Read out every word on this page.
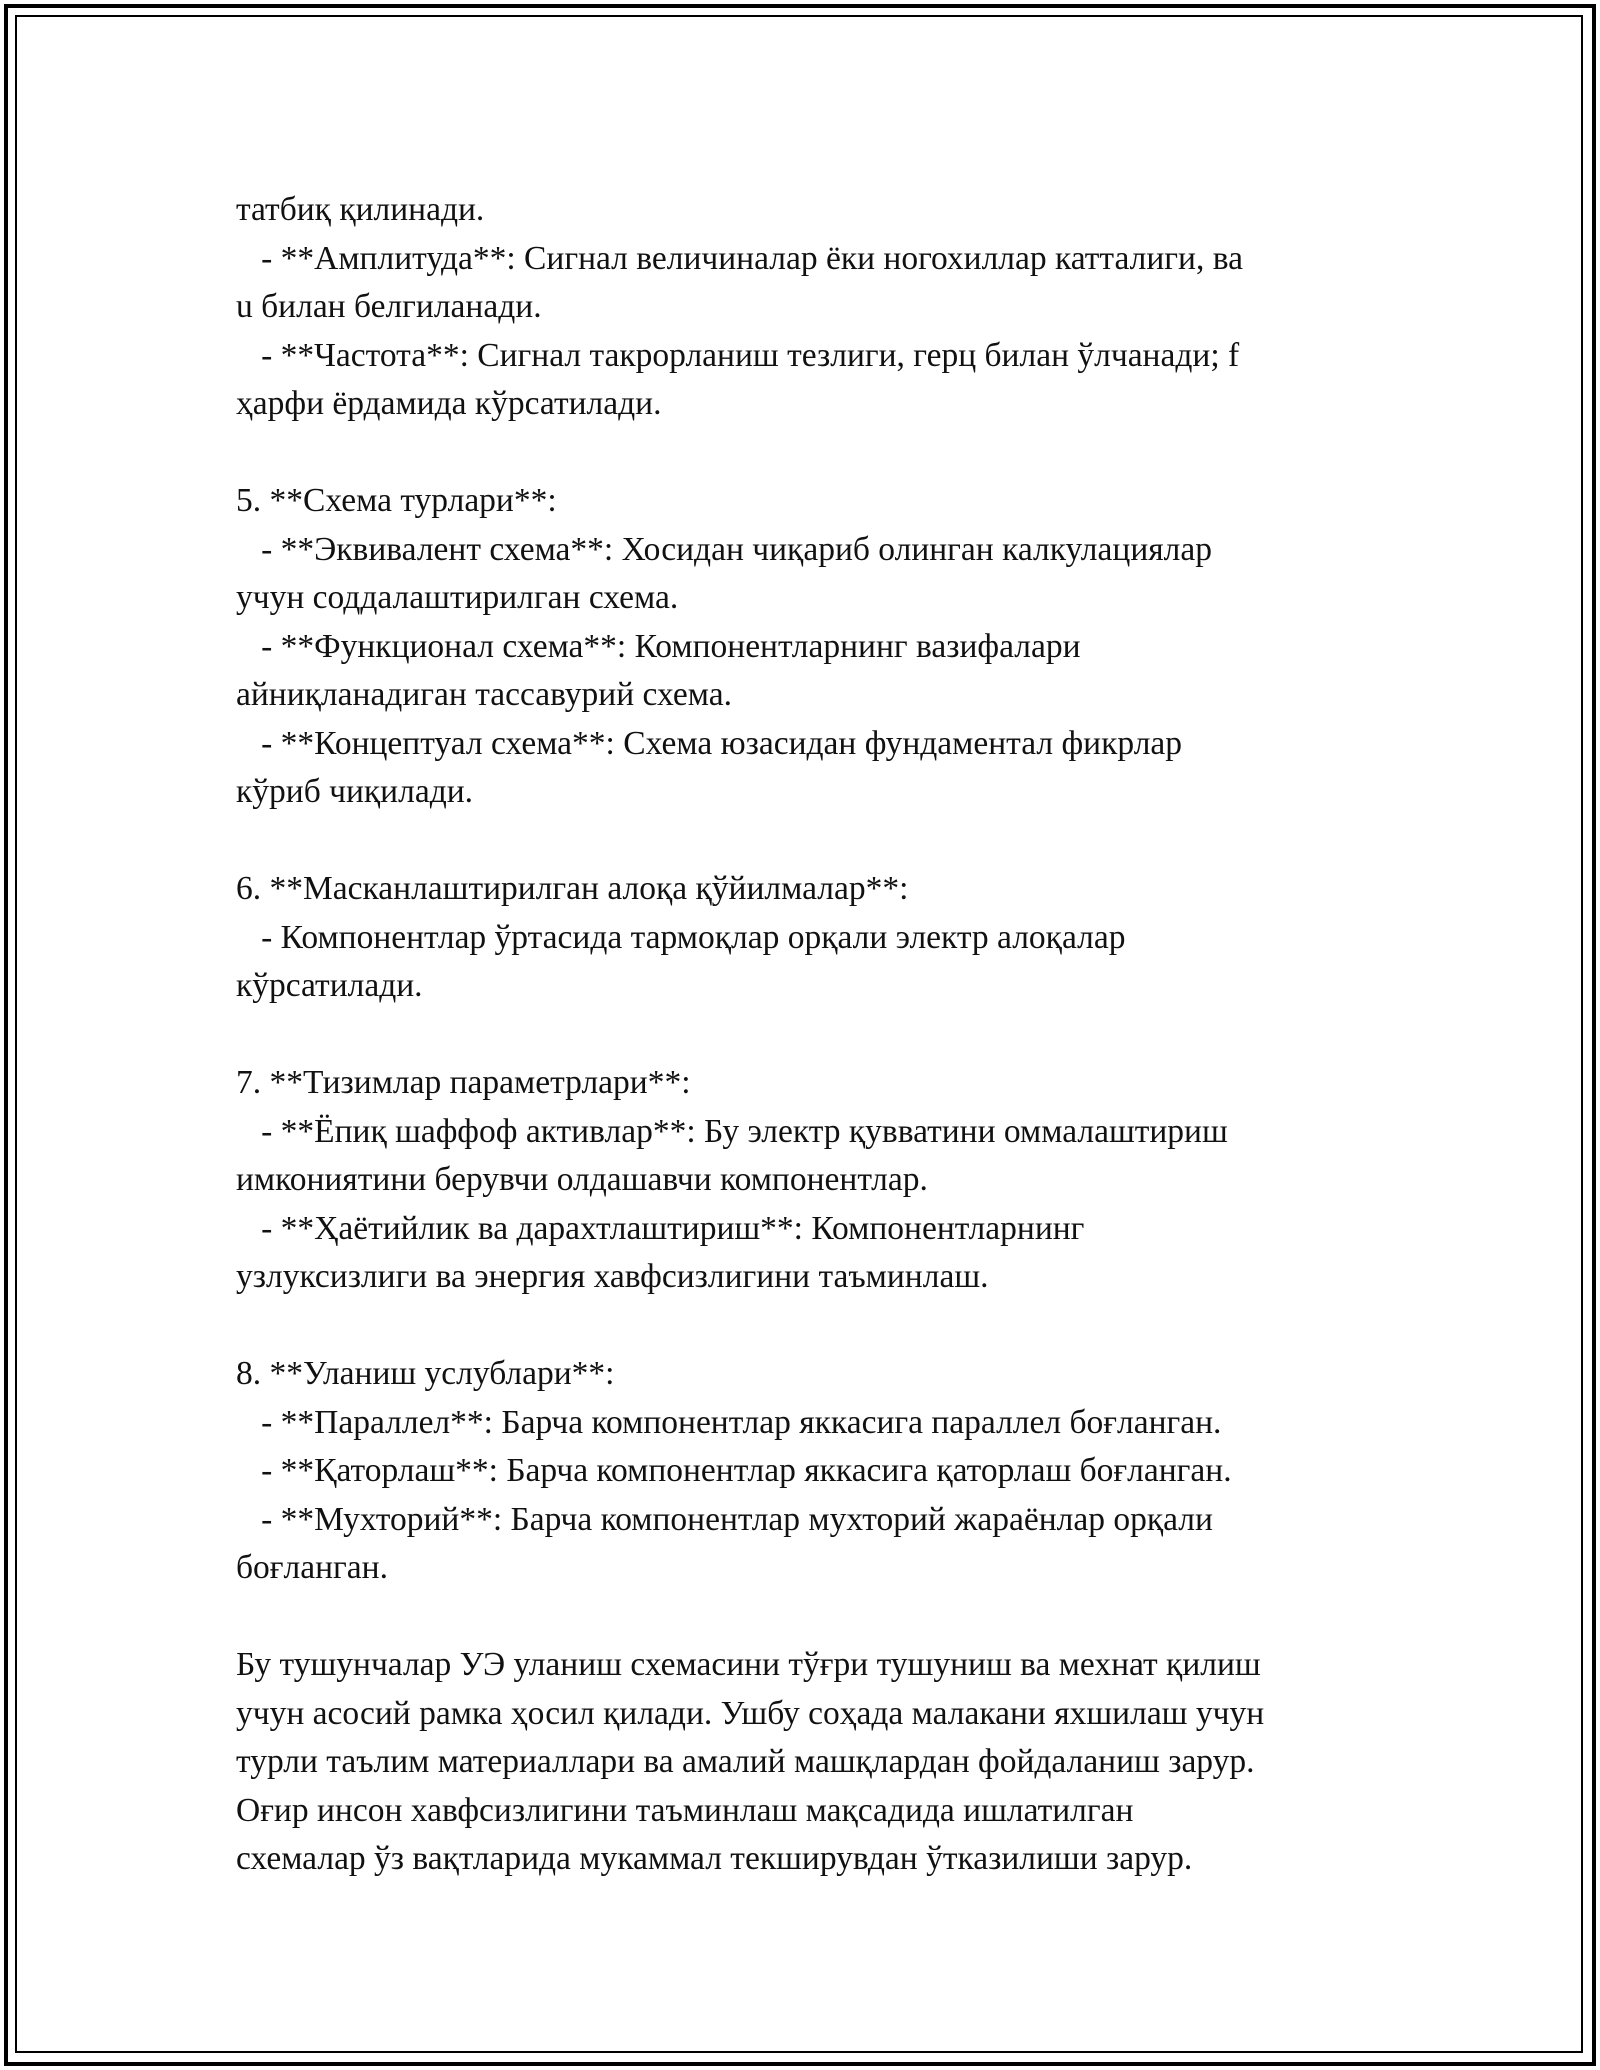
татбиқ қилинади.
- **Амплитуда**: Сигнал величиналар ёки ногохиллар катталиги, ва
u билан белгиланади.
- **Частота**: Сигнал такрорланиш тезлиги, герц билан ўлчанади; f
ҳарфи ёрдамида кўрсатилади.
5. **Схема турлари**:
- **Эквивалент схема**: Хосидан чиқариб олинган калкулациялар
учун соддалаштирилган схема.
- **Функционал схема**: Компонентларнинг вазифалари
айниқланадиган тассавурий схема.
- **Концептуал схема**: Схема юзасидан фундаментал фикрлар
кўриб чиқилади.
6. **Масканлаштирилган алоқа қўйилмалар**:
- Компонентлар ўртасида тармоқлар орқали электр алоқалар
кўрсатилади.
7. **Тизимлар параметрлари**:
- **Ёпиқ шаффоф активлар**: Бу электр қувватини оммалаштириш
имкониятини берувчи олдашавчи компонентлар.
- **Ҳаётийлик ва дарахтлаштириш**: Компонентларнинг
узлуксизлиги ва энергия хавфсизлигини таъминлаш.
8. **Уланиш услублари**:
- **Параллел**: Барча компонентлар яккасига параллел боғланган.
- **Қаторлаш**: Барча компонентлар яккасига қаторлаш боғланган.
- **Мухторий**: Барча компонентлар мухторий жараёнлар орқали
боғланган.
Бу тушунчалар УЭ уланиш схемасини тўғри тушуниш ва мехнат қилиш
учун асосий рамка ҳосил қилади. Ушбу соҳада малакани яхшилаш учун
турли таълим материаллари ва амалий машқлардан фойдаланиш зарур.
Оғир инсон хавфсизлигини таъминлаш мақсадида ишлатилган
схемалар ўз вақтларида мукаммал текширувдан ўтказилиши зарур.
